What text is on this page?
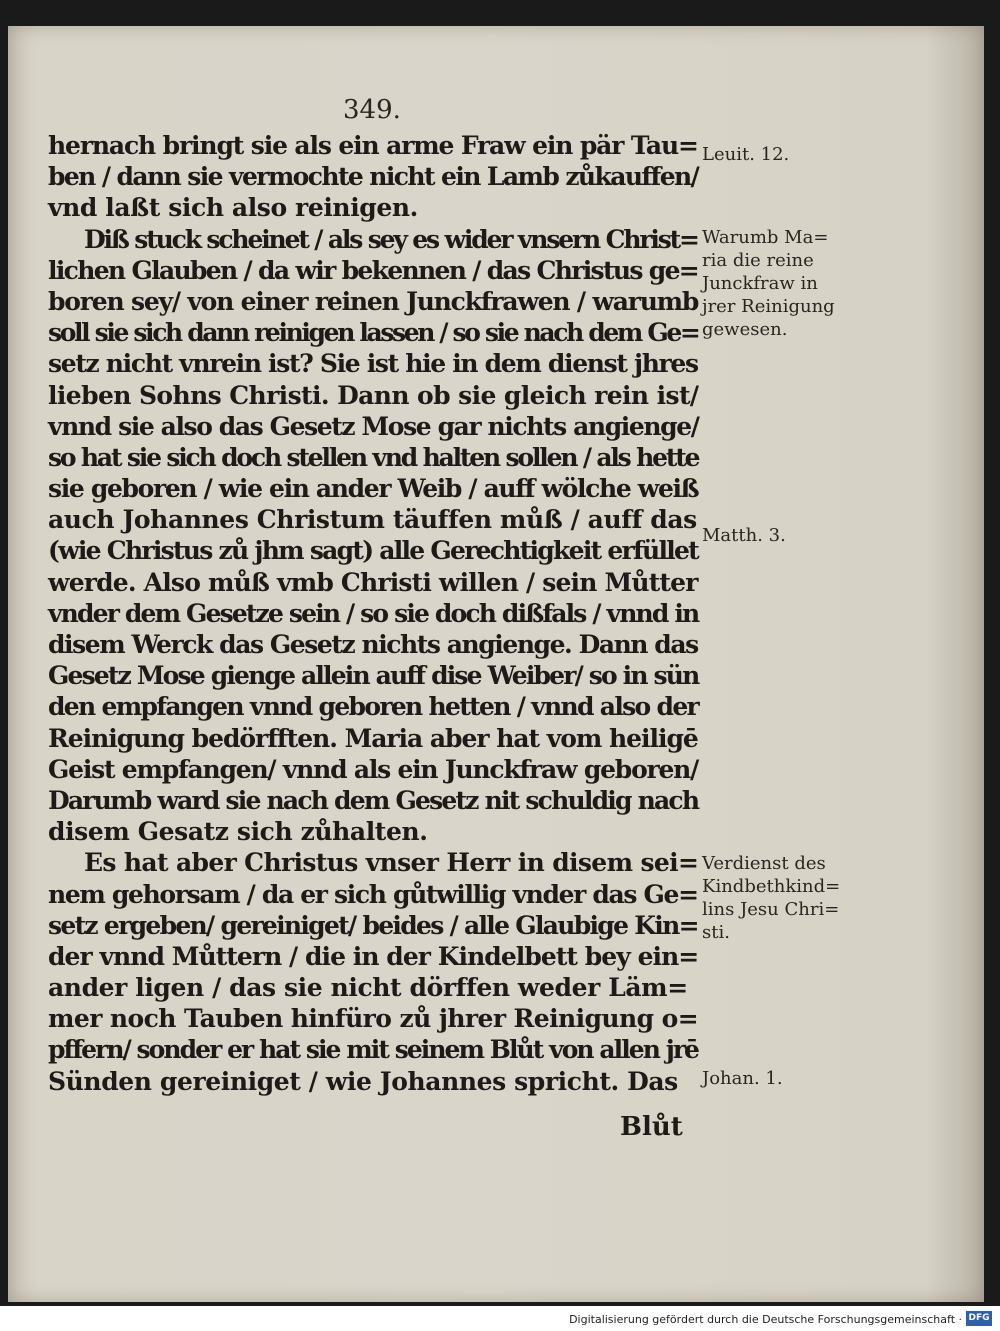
349.
hernach bringt sie als ein arme Fraw ein pär Tau=
ben / dann sie vermochte nicht ein Lamb zůkauffen/
vnd laßt sich also reinigen.
Diß stuck scheinet / als sey es wider vnsern Christ=
lichen Glauben / da wir bekennen / das Christus ge=
boren sey/ von einer reinen Junckfrawen / warumb
soll sie sich dann reinigen lassen / so sie nach dem Ge=
setz nicht vnrein ist? Sie ist hie in dem dienst jhres
lieben Sohns Christi. Dann ob sie gleich rein ist/
vnnd sie also das Gesetz Mose gar nichts angienge/
so hat sie sich doch stellen vnd halten sollen / als hette
sie geboren / wie ein ander Weib / auff wölche weiß
auch Johannes Christum täuffen můß / auff das
(wie Christus zů jhm sagt) alle Gerechtigkeit erfüllet
werde. Also můß vmb Christi willen / sein Můtter
vnder dem Gesetze sein / so sie doch dißfals / vnnd in
disem Werck das Gesetz nichts angienge. Dann das
Gesetz Mose gienge allein auff dise Weiber/ so in sün
den empfangen vnnd geboren hetten / vnnd also der
Reinigung bedörfften. Maria aber hat vom heiligē
Geist empfangen/ vnnd als ein Junckfraw geboren/
Darumb ward sie nach dem Gesetz nit schuldig nach
disem Gesatz sich zůhalten.
Es hat aber Christus vnser Herr in disem sei=
nem gehorsam / da er sich gůtwillig vnder das Ge=
setz ergeben/ gereiniget/ beides / alle Glaubige Kin=
der vnnd Můttern / die in der Kindelbett bey ein=
ander ligen / das sie nicht dörffen weder Läm=
mer noch Tauben hinfüro zů jhrer Reinigung o=
pffern/ sonder er hat sie mit seinem Blůt von allen jrē
Sünden gereiniget / wie Johannes spricht. Das
Blůt
Leuit. 12.
Warumb Ma=
ria die reine
Junckfraw in
jrer Reinigung
gewesen.
Matth. 3.
Verdienst des
Kindbethkind=
lins Jesu Chri=
sti.
Johan. 1.
Digitalisierung gefördert durch die Deutsche Forschungsgemeinschaft · DFG
